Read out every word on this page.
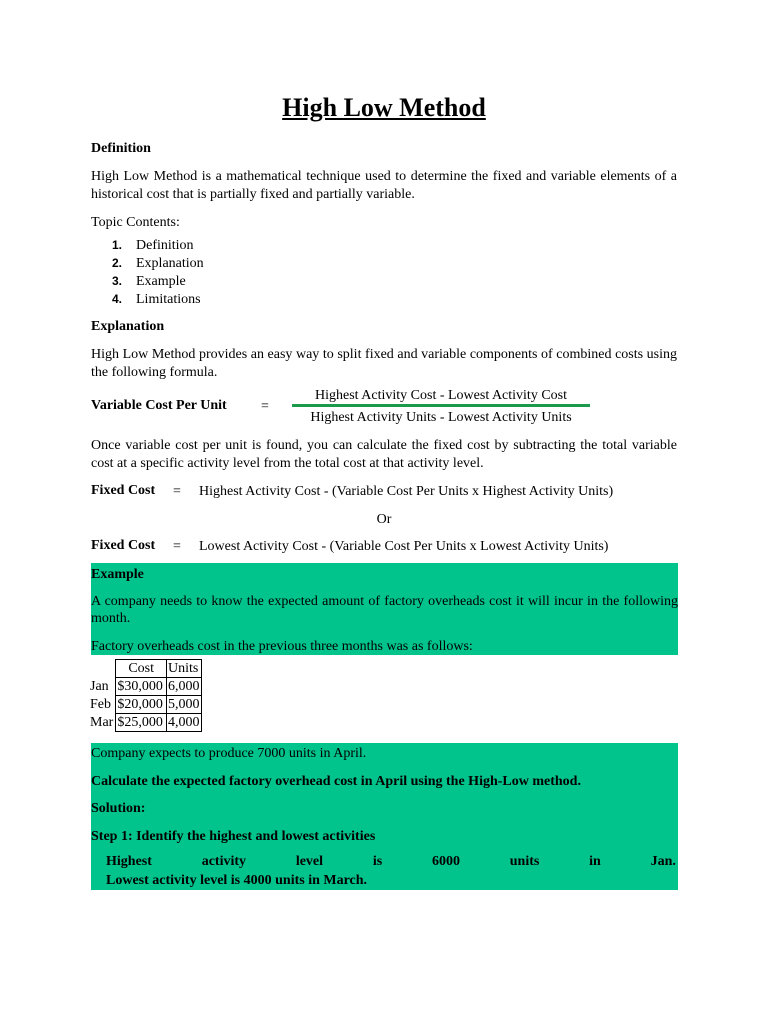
High Low Method
Definition
High Low Method is a mathematical technique used to determine the fixed and variable elements of a historical cost that is partially fixed and partially variable.
Topic Contents:
1. Definition
2. Explanation
3. Example
4. Limitations
Explanation
High Low Method provides an easy way to split fixed and variable components of combined costs using the following formula.
Variable Cost Per Unit =
Highest Activity Cost - Lowest Activity Cost
Highest Activity Units - Lowest Activity Units
Once variable cost per unit is found, you can calculate the fixed cost by subtracting the total variable cost at a specific activity level from the total cost at that activity level.
Fixed Cost = Highest Activity Cost - (Variable Cost Per Units x Highest Activity Units)
Or
Fixed Cost = Lowest Activity Cost - (Variable Cost Per Units x Lowest Activity Units)
Example
A company needs to know the expected amount of factory overheads cost it will incur in the following month.
Factory overheads cost in the previous three months was as follows:
	Cost	Units
Jan	$30,000	6,000
Feb	$20,000	5,000
Mar	$25,000	4,000
Company expects to produce 7000 units in April.
Calculate the expected factory overhead cost in April using the High-Low method.
Solution:
Step 1: Identify the highest and lowest activities
Highest	activity	level	is	6000	units	in	Jan.
Lowest activity level is 4000 units in March.
